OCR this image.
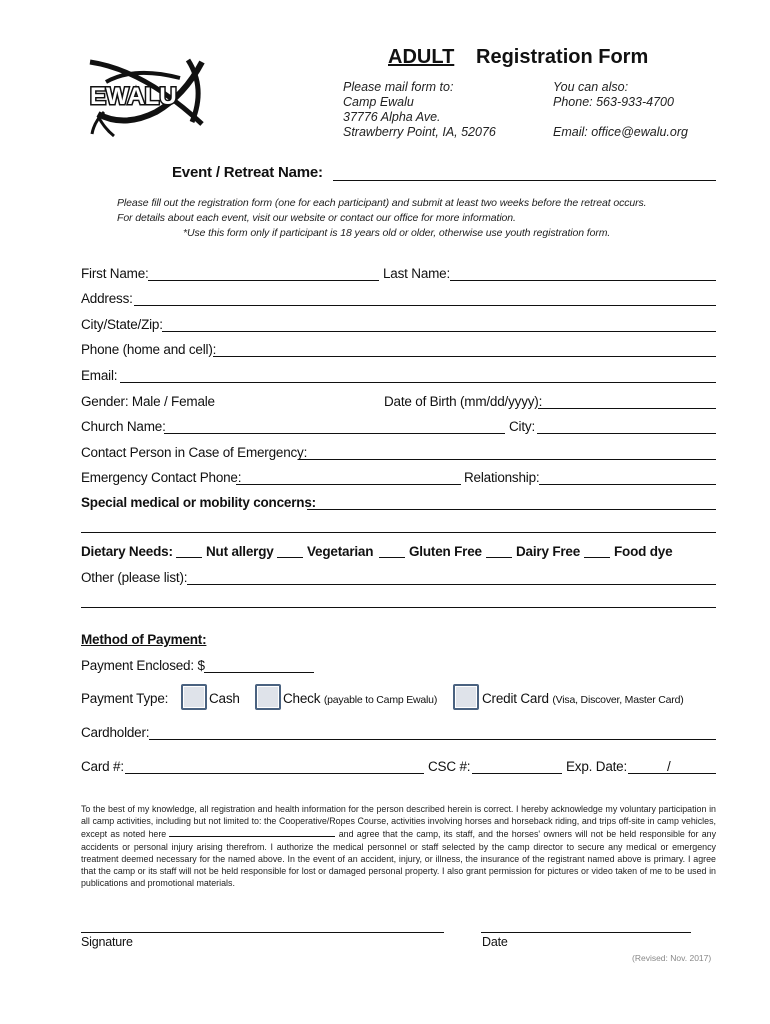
EWALU
ADULT Registration Form
Please mail form to:
Camp Ewalu
37776 Alpha Ave.
Strawberry Point, IA, 52076
You can also:
Phone: 563-933-4700
Email: office@ewalu.org
Event / Retreat Name:
Please fill out the registration form (one for each participant) and submit at least two weeks before the retreat occurs.
For details about each event, visit our website or contact our office for more information.
*Use this form only if participant is 18 years old or older, otherwise use youth registration form.
First Name:	Last Name:
Address:
City/State/Zip:
Phone (home and cell):
Email:
Gender: Male / Female	Date of Birth (mm/dd/yyyy):
Church Name:	City:
Contact Person in Case of Emergency:
Emergency Contact Phone:	Relationship:
Special medical or mobility concerns:
Dietary Needs: Nut allergy Vegetarian	Gluten Free	Dairy Free	Food dye
Other (please list):
Method of Payment:
Payment Enclosed: $
Payment Type:	Cash	Check (payable to Camp Ewalu)	Credit Card (Visa, Discover, Master Card)
Cardholder:
Card #:	CSC #:	Exp. Date:	/
To the best of my knowledge, all registration and health information for the person described herein is correct. I hereby acknowledge my voluntary participation in all camp activities, including but not limited to: the Cooperative/Ropes Course, activities involving horses and horseback riding, and trips off-site in camp vehicles, except as noted here	and agree that the camp, its staff, and the horses' owners will not be held responsible for any accidents or personal injury arising therefrom. I authorize the medical personnel or staff selected by the camp director to secure any medical or emergency treatment deemed necessary for the named above. In the event of an accident, injury, or illness, the insurance of the registrant named above is primary. I agree that the camp or its staff will not be held responsible for lost or damaged personal property. I also grant permission for pictures or video taken of me to be used in publications and promotional materials.
Signature	Date
(Revised: Nov. 2017)
